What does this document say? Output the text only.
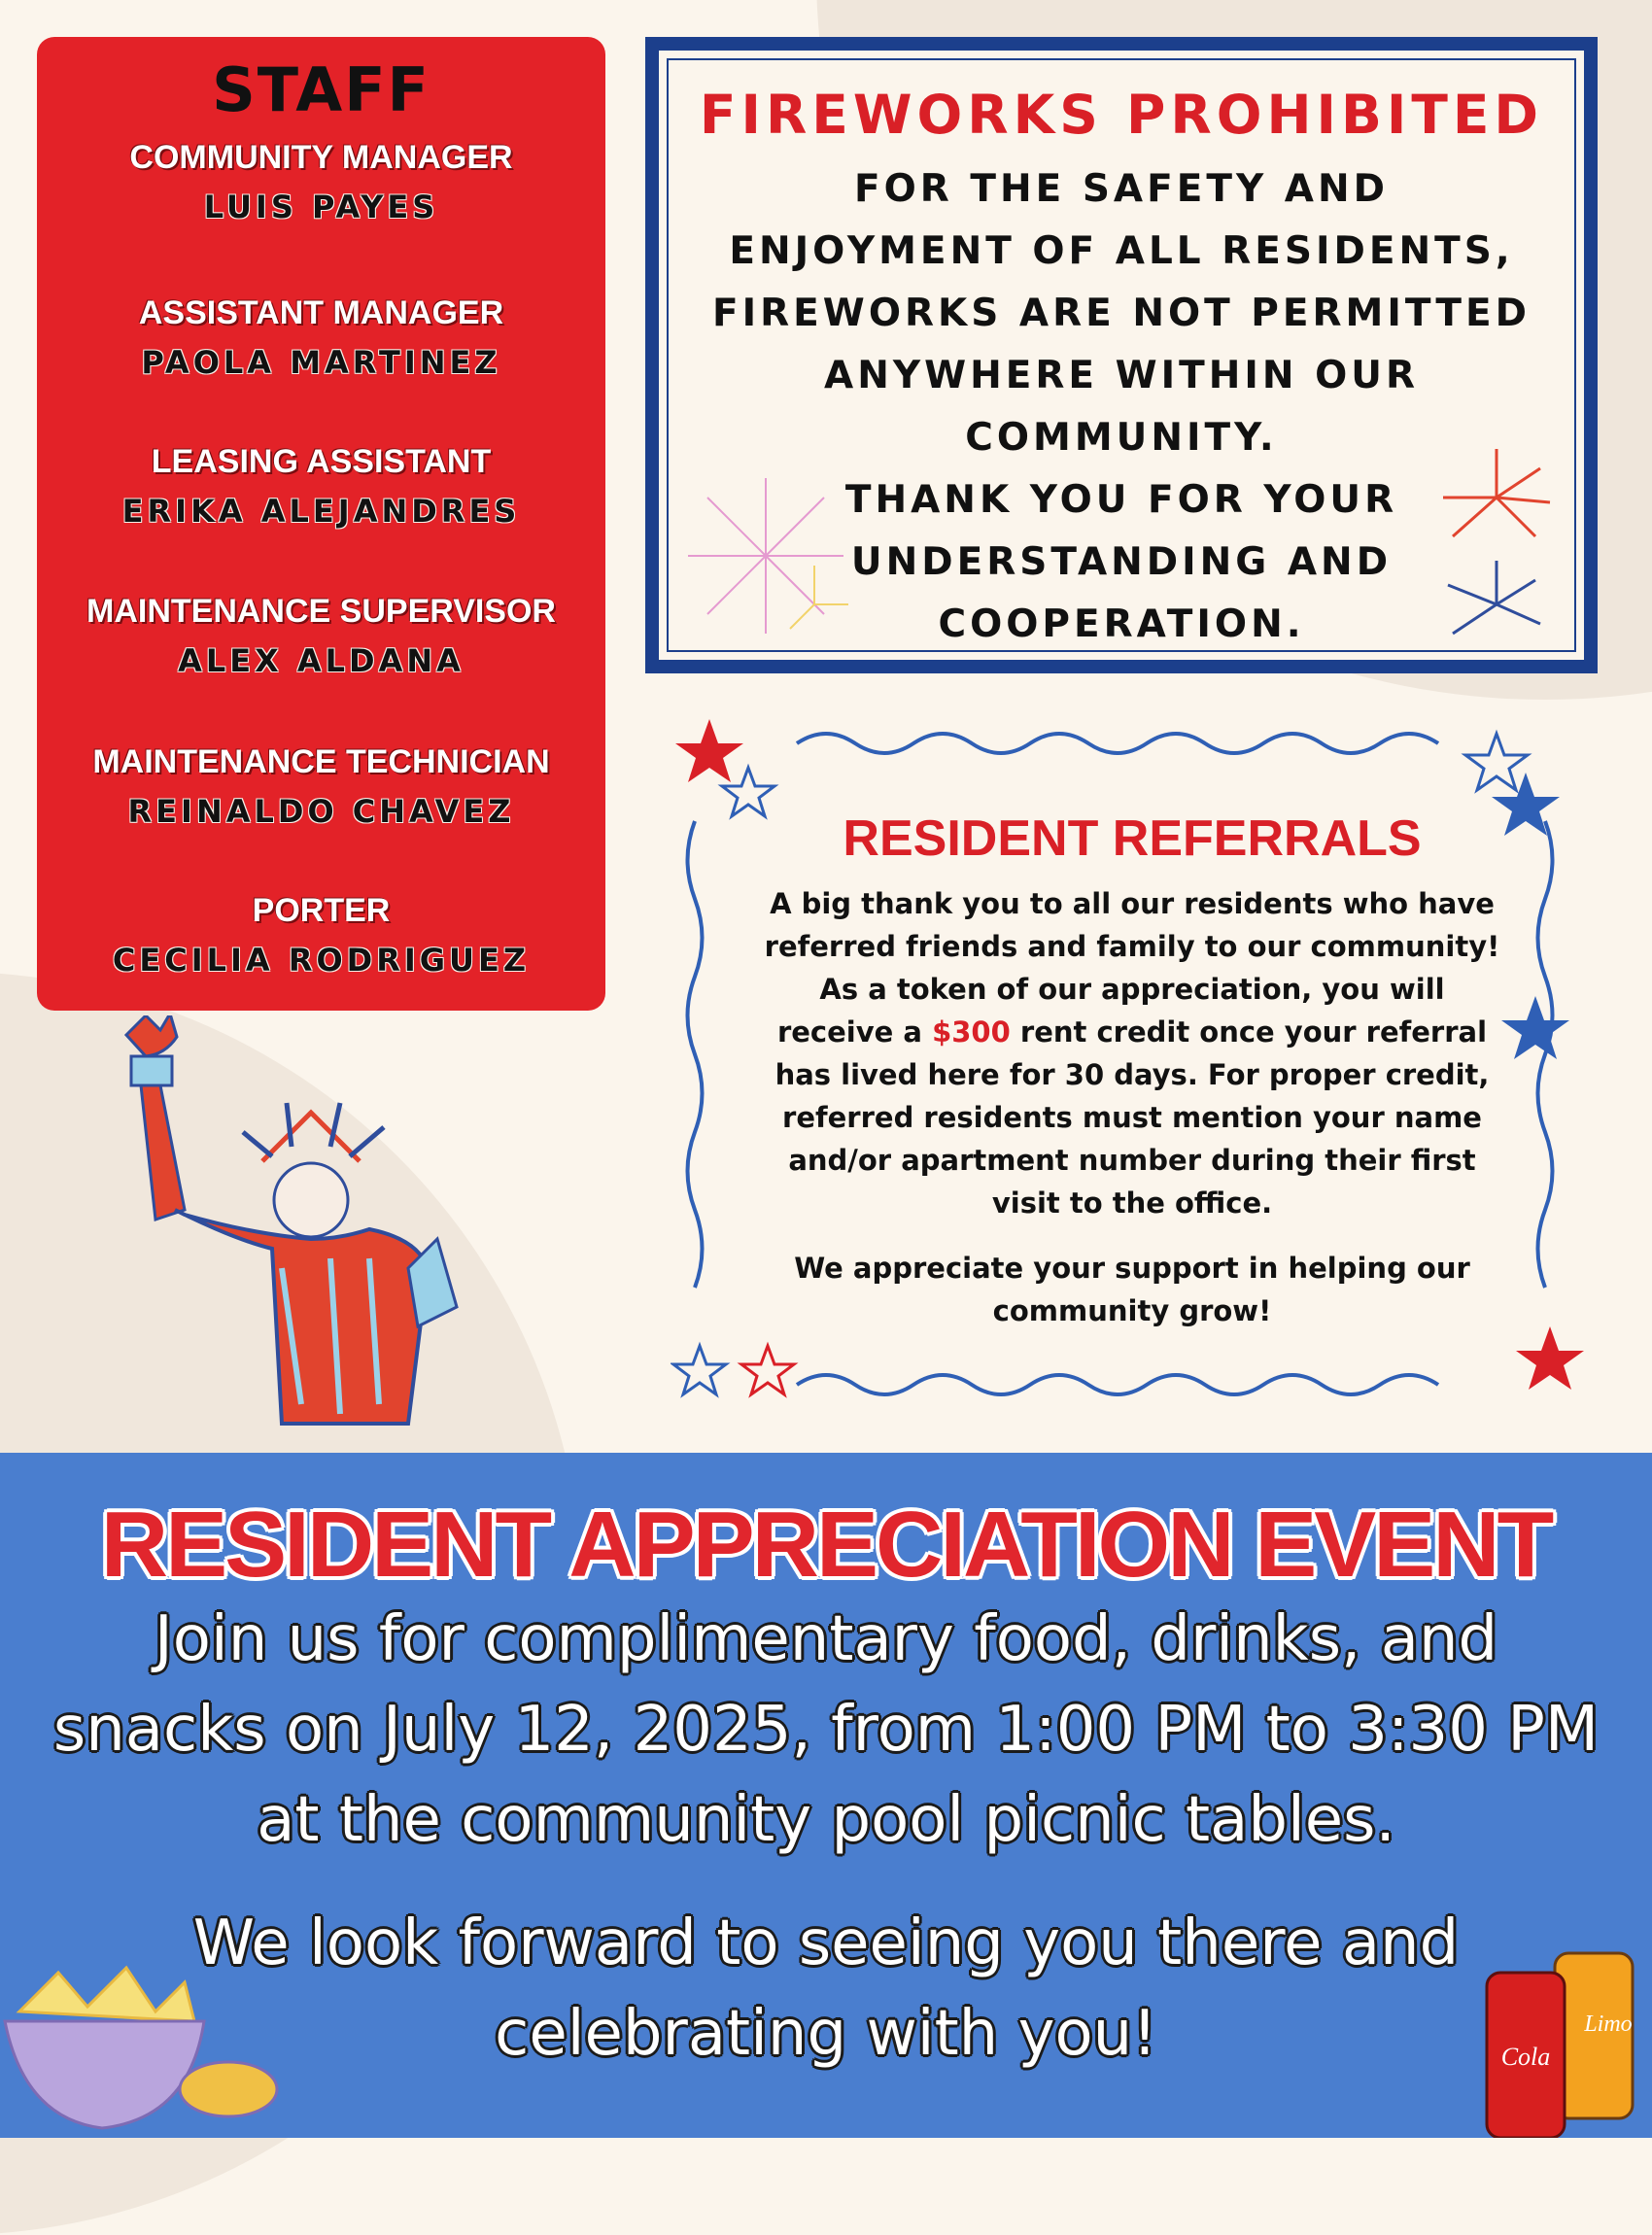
STAFF
COMMUNITY MANAGER
LUIS PAYES
ASSISTANT MANAGER
PAOLA MARTINEZ
LEASING ASSISTANT
ERIKA ALEJANDRES
MAINTENANCE SUPERVISOR
ALEX ALDANA
MAINTENANCE TECHNICIAN
REINALDO CHAVEZ
PORTER
CECILIA RODRIGUEZ
FIREWORKS PROHIBITED
FOR THE SAFETY AND
ENJOYMENT OF ALL RESIDENTS,
FIREWORKS ARE NOT PERMITTED
ANYWHERE WITHIN OUR
COMMUNITY.
THANK YOU FOR YOUR
UNDERSTANDING AND
COOPERATION.
RESIDENT REFERRALS
A big thank you to all our residents who have
referred friends and family to our community!
As a token of our appreciation, you will
receive a $300 rent credit once your referral
has lived here for 30 days. For proper credit,
referred residents must mention your name
and/or apartment number during their first
visit to the office.
We appreciate your support in helping our
community grow!
RESIDENT APPRECIATION EVENT
Join us for complimentary food, drinks, and
snacks on July 12, 2025, from 1:00 PM to 3:30 PM
at the community pool picnic tables.
We look forward to seeing you there and
celebrating with you!	Cola
Limo
